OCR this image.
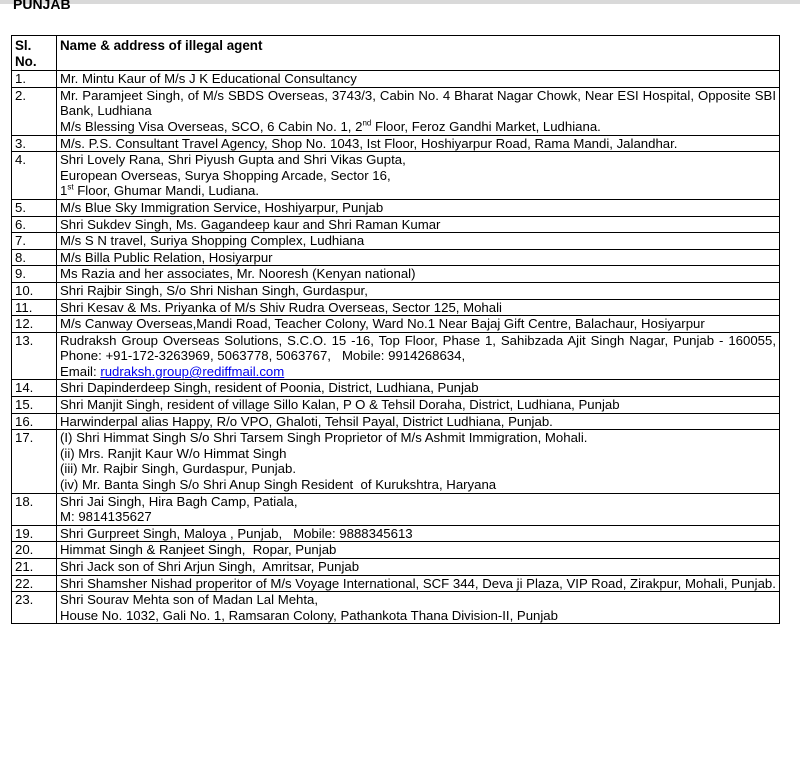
PUNJAB
Sl.
No.	Name & address of illegal agent
1.	Mr. Mintu Kaur of M/s J K Educational Consultancy

2.	Mr. Paramjeet Singh, of M/s SBDS Overseas, 3743/3, Cabin No. 4 Bharat Nagar Chowk, Near ESI Hospital, Opposite SBI Bank, Ludhiana
M/s Blessing Visa Overseas, SCO, 6 Cabin No. 1, 2nd Floor, Feroz Gandhi Market, Ludhiana.

3.	M/s. P.S. Consultant Travel Agency, Shop No. 1043, Ist Floor, Hoshiyarpur Road, Rama Mandi, Jalandhar.

4.	Shri Lovely Rana, Shri Piyush Gupta and Shri Vikas Gupta,
European Overseas, Surya Shopping Arcade, Sector 16,
1st Floor, Ghumar Mandi, Ludiana.

5.	M/s Blue Sky Immigration Service, Hoshiyarpur, Punjab

6.	Shri Sukdev Singh, Ms. Gagandeep kaur and Shri Raman Kumar

7.	M/s S N travel, Suriya Shopping Complex, Ludhiana

8.	M/s Billa Public Relation, Hosiyarpur

9.	Ms Razia and her associates, Mr. Nooresh (Kenyan national)

10.	Shri Rajbir Singh, S/o Shri Nishan Singh, Gurdaspur,

11.	Shri Kesav & Ms. Priyanka of M/s Shiv Rudra Overseas, Sector 125, Mohali

12.	M/s Canway Overseas,Mandi Road, Teacher Colony, Ward No.1 Near Bajaj Gift Centre, Balachaur, Hosiyarpur

13.	Rudraksh Group Overseas Solutions, S.C.O. 15 -16, Top Floor, Phase 1, Sahibzada Ajit Singh Nagar, Punjab - 160055,   Phone: +91-172-3263969, 5063778, 5063767,   Mobile: 9914268634,
Email: rudraksh.group@rediffmail.com

14.	Shri Dapinderdeep Singh, resident of Poonia, District, Ludhiana, Punjab

15.	Shri Manjit Singh, resident of village Sillo Kalan, P O & Tehsil Doraha, District, Ludhiana, Punjab

16.	Harwinderpal alias Happy, R/o VPO, Ghaloti, Tehsil Payal, District Ludhiana, Punjab.

17.	(I) Shri Himmat Singh S/o Shri Tarsem Singh Proprietor of M/s Ashmit Immigration, Mohali.
(ii) Mrs. Ranjit Kaur W/o Himmat Singh
(iii) Mr. Rajbir Singh, Gurdaspur, Punjab.
(iv) Mr. Banta Singh S/o Shri Anup Singh Resident  of Kurukshtra, Haryana

18.	Shri Jai Singh, Hira Bagh Camp, Patiala,
M: 9814135627

19.	Shri Gurpreet Singh, Maloya , Punjab,   Mobile: 9888345613

20.	Himmat Singh & Ranjeet Singh,  Ropar, Punjab

21.	Shri Jack son of Shri Arjun Singh,  Amritsar, Punjab

22.	Shri Shamsher Nishad properitor of M/s Voyage International, SCF 344, Deva ji Plaza, VIP Road, Zirakpur, Mohali, Punjab.

23.	Shri Sourav Mehta son of Madan Lal Mehta,
House No. 1032, Gali No. 1, Ramsaran Colony, Pathankota Thana Division-II, Punjab
